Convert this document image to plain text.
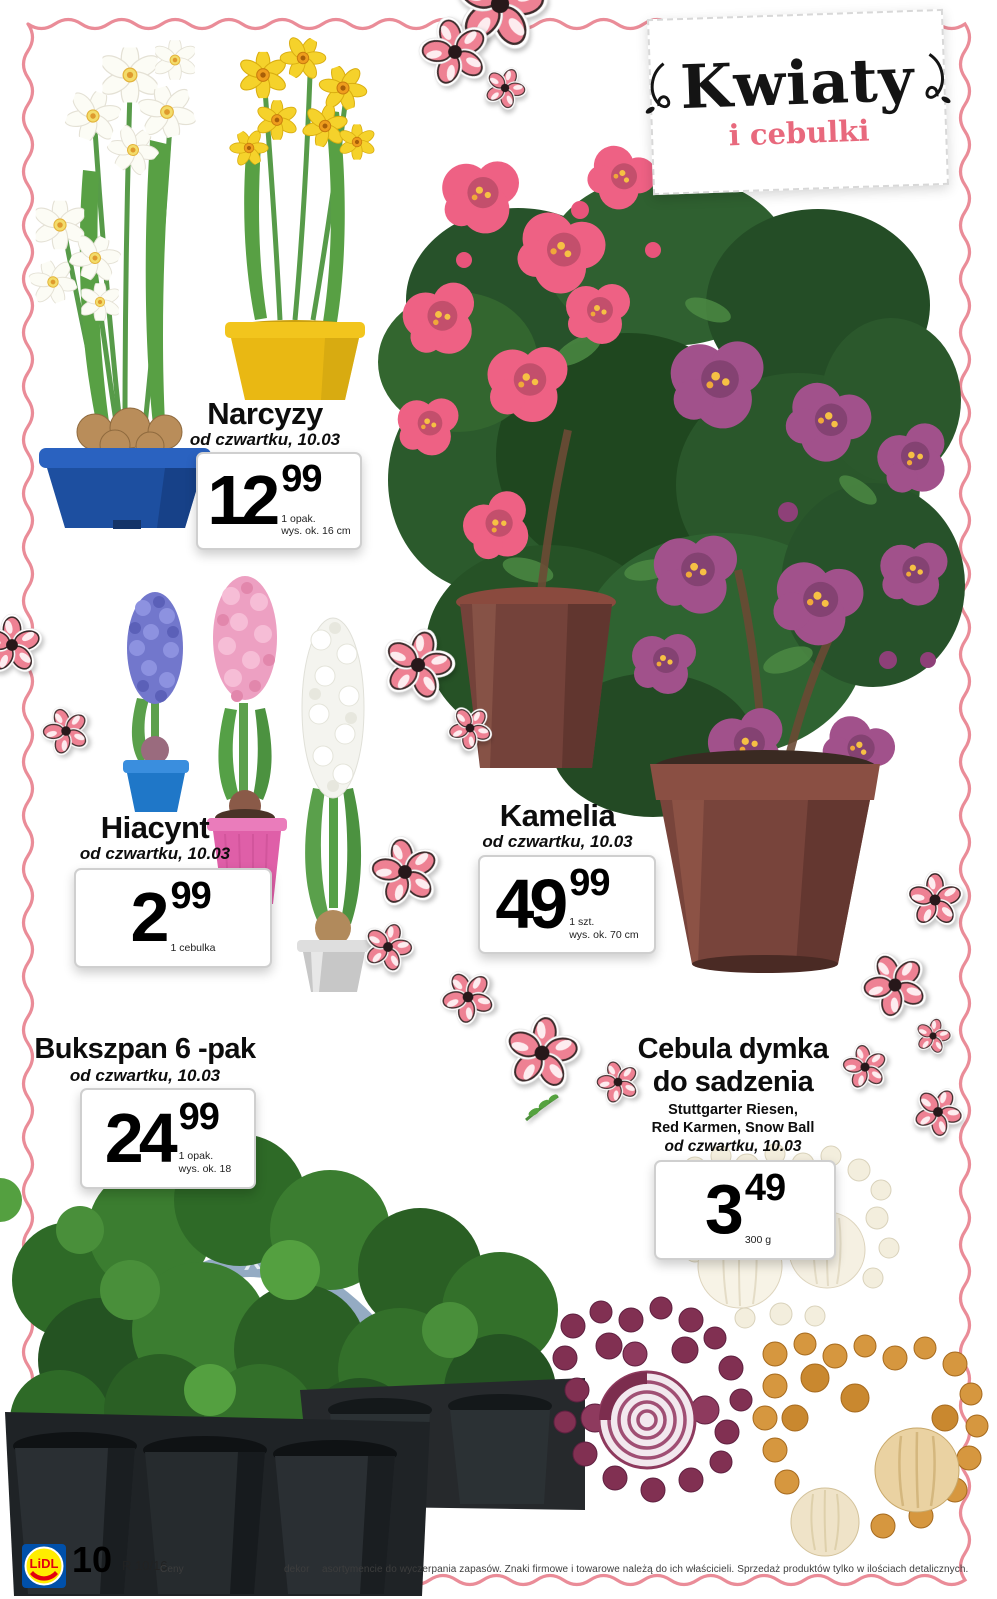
Kwiaty
i cebulki
Narcyzy
od czwartku, 10.03
12 99
1 opak.
wys. ok. 16 cm
Hiacynt
od czwartku, 10.03
2 99
1 cebulka
Kamelia
od czwartku, 10.03
49 99
1 szt.
wys. ok. 70 cm
Bukszpan 6 -pak
od czwartku, 10.03
24 99
1 opak.
wys. ok. 18
Cebula dymka
do sadzenia
Stuttgarter Riesen,
Red Karmen, Snow Ball
od czwartku, 10.03
3 49
300 g
LiDL 10 R 10/16
Ceny	dekor asortymencie do wyczerpania zapasów. Znaki firmowe i towarowe należą do ich właścicieli. Sprzedaż produktów tylko w ilościach detalicznych.
